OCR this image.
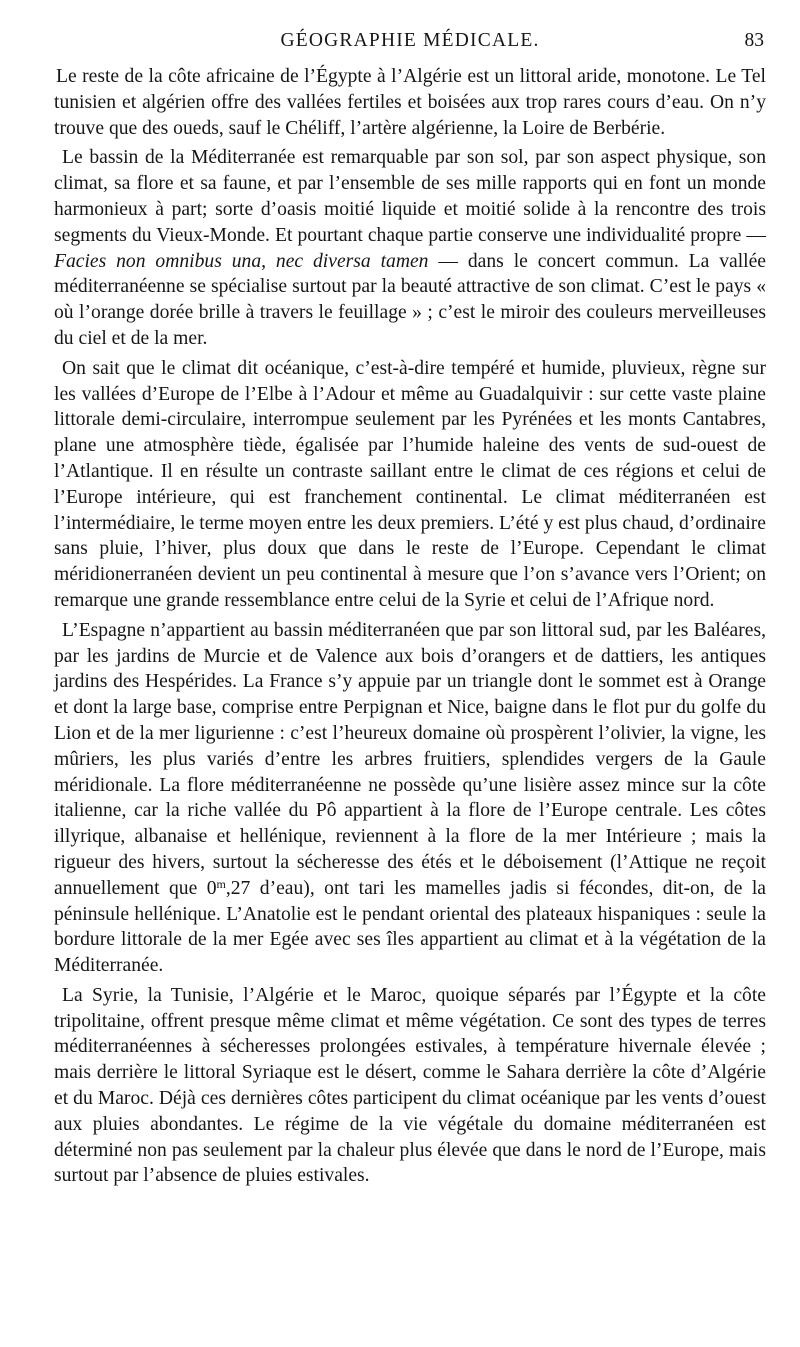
GÉOGRAPHIE MÉDICALE.	83

Le reste de la côte africaine de l’Égypte à l’Algérie est un littoral aride, monotone. Le Tel tunisien et algérien offre des vallées fertiles et boisées aux trop rares cours d’eau. On n’y trouve que des oueds, sauf le Chéliff, l’artère algérienne, la Loire de Berbérie.

Le bassin de la Méditerranée est remarquable par son sol, par son aspect physique, son climat, sa flore et sa faune, et par l’ensemble de ses mille rapports qui en font un monde harmonieux à part; sorte d’oasis moitié liquide et moitié solide à la rencontre des trois segments du Vieux-Monde. Et pourtant chaque partie conserve une individualité propre — Facies non omnibus una, nec diversa tamen — dans le concert commun. La vallée méditerranéenne se spécialise surtout par la beauté attractive de son climat. C’est le pays « où l’orange dorée brille à travers le feuillage » ; c’est le miroir des couleurs merveilleuses du ciel et de la mer.

On sait que le climat dit océanique, c’est-à-dire tempéré et humide, pluvieux, règne sur les vallées d’Europe de l’Elbe à l’Adour et même au Guadalquivir : sur cette vaste plaine littorale demi-circulaire, interrompue seulement par les Pyrénées et les monts Cantabres, plane une atmosphère tiède, égalisée par l’humide haleine des vents de sud-ouest de l’Atlantique. Il en résulte un contraste saillant entre le climat de ces régions et celui de l’Europe intérieure, qui est franchement continental. Le climat méditerranéen est l’intermédiaire, le terme moyen entre les deux premiers. L’été y est plus chaud, d’ordinaire sans pluie, l’hiver, plus doux que dans le reste de l’Europe. Cependant le climat méridionerranéen devient un peu continental à mesure que l’on s’avance vers l’Orient; on remarque une grande ressemblance entre celui de la Syrie et celui de l’Afrique nord.

L’Espagne n’appartient au bassin méditerranéen que par son littoral sud, par les Baléares, par les jardins de Murcie et de Valence aux bois d’orangers et de dattiers, les antiques jardins des Hespérides. La France s’y appuie par un triangle dont le sommet est à Orange et dont la large base, comprise entre Perpignan et Nice, baigne dans le flot pur du golfe du Lion et de la mer ligurienne : c’est l’heureux domaine où prospèrent l’olivier, la vigne, les mûriers, les plus variés d’entre les arbres fruitiers, splendides vergers de la Gaule méridionale. La flore méditerranéenne ne possède qu’une lisière assez mince sur la côte italienne, car la riche vallée du Pô appartient à la flore de l’Europe centrale. Les côtes illyrique, albanaise et hellénique, reviennent à la flore de la mer Intérieure ; mais la rigueur des hivers, surtout la sécheresse des étés et le déboisement (l’Attique ne reçoit annuellement que 0$^m$,27 d’eau), ont tari les mamelles jadis si fécondes, dit-on, de la péninsule hellénique. L’Anatolie est le pendant oriental des plateaux hispaniques : seule la bordure littorale de la mer Egée avec ses îles appartient au climat et à la végétation de la Méditerranée.

La Syrie, la Tunisie, l’Algérie et le Maroc, quoique séparés par l’Égypte et la côte tripolitaine, offrent presque même climat et même végétation. Ce sont des types de terres méditerranéennes à sécheresses prolongées estivales, à température hivernale élevée ; mais derrière le littoral Syriaque est le désert, comme le Sahara derrière la côte d’Algérie et du Maroc. Déjà ces dernières côtes participent du climat océanique par les vents d’ouest aux pluies abondantes. Le régime de la vie végétale du domaine méditerranéen est déterminé non pas seulement par la chaleur plus élevée que dans le nord de l’Europe, mais surtout par l’absence de pluies estivales.
